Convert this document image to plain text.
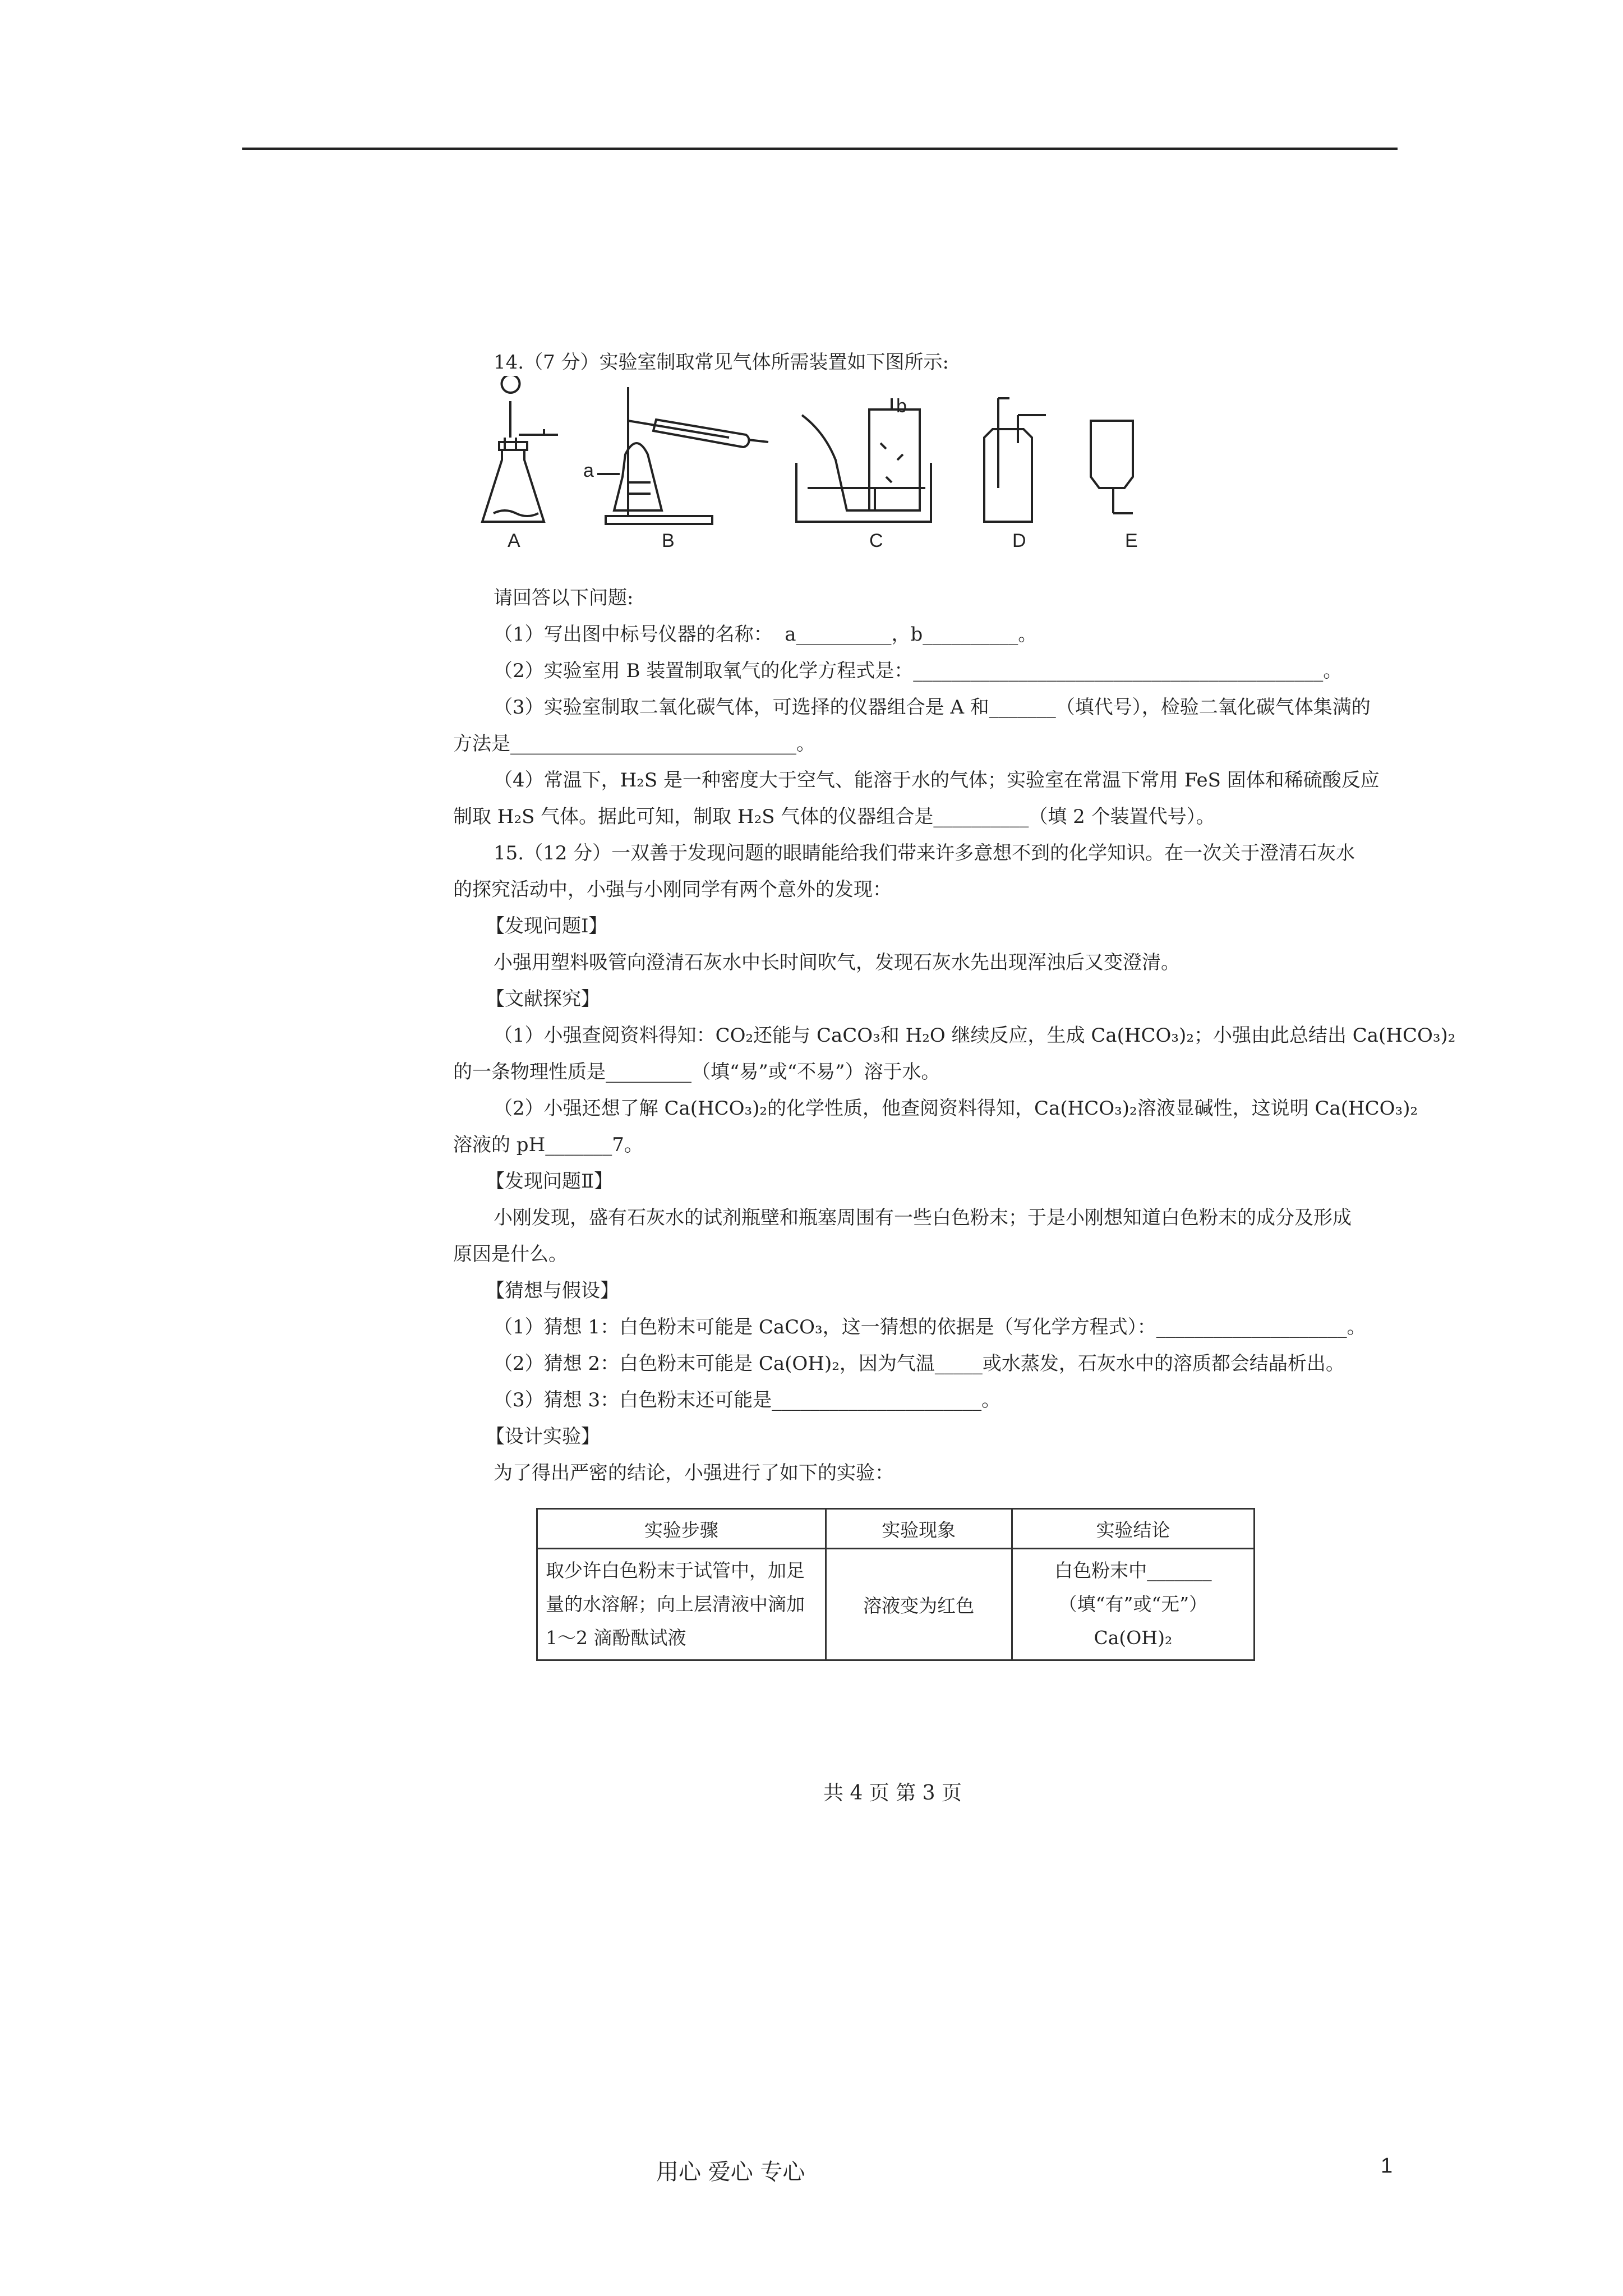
14.（7 分）实验室制取常见气体所需装置如下图所示:
a
b
A	B	C	D	E
请回答以下问题:
（1）写出图中标号仪器的名称：  a__________，b__________。
（2）实验室用 B 装置制取氧气的化学方程式是：___________________________________________。
（3）实验室制取二氧化碳气体，可选择的仪器组合是 A 和_______（填代号），检验二氧化碳气体集满的
方法是______________________________。
（4）常温下，H₂S 是一种密度大于空气、能溶于水的气体；实验室在常温下常用 FeS 固体和稀硫酸反应
制取 H₂S 气体。据此可知，制取 H₂S 气体的仪器组合是__________（填 2 个装置代号）。
15.（12 分）一双善于发现问题的眼睛能给我们带来许多意想不到的化学知识。在一次关于澄清石灰水
的探究活动中，小强与小刚同学有两个意外的发现：
【发现问题Ⅰ】
小强用塑料吸管向澄清石灰水中长时间吹气，发现石灰水先出现浑浊后又变澄清。
【文献探究】
（1）小强查阅资料得知：CO₂还能与 CaCO₃和 H₂O 继续反应，生成 Ca(HCO₃)₂；小强由此总结出 Ca(HCO₃)₂
的一条物理性质是_________（填“易”或“不易”）溶于水。
（2）小强还想了解 Ca(HCO₃)₂的化学性质，他查阅资料得知，Ca(HCO₃)₂溶液显碱性，这说明 Ca(HCO₃)₂
溶液的 pH_______7。
【发现问题Ⅱ】
小刚发现，盛有石灰水的试剂瓶壁和瓶塞周围有一些白色粉末；于是小刚想知道白色粉末的成分及形成
原因是什么。
【猜想与假设】
（1）猜想 1：白色粉末可能是 CaCO₃，这一猜想的依据是（写化学方程式）：____________________。
（2）猜想 2：白色粉末可能是 Ca(OH)₂，因为气温_____或水蒸发，石灰水中的溶质都会结晶析出。
（3）猜想 3：白色粉末还可能是______________________。
【设计实验】
为了得出严密的结论，小强进行了如下的实验：
实验步骤	实验现象	实验结论
取少许白色粉末于试管中，加足量的水溶解；向上层清液中滴加 1～2 滴酚酞试液	溶液变为红色	白色粉末中_______（填“有”或“无”）Ca(OH)₂
共 4 页 第 3 页
用心 爱心 专心	1
